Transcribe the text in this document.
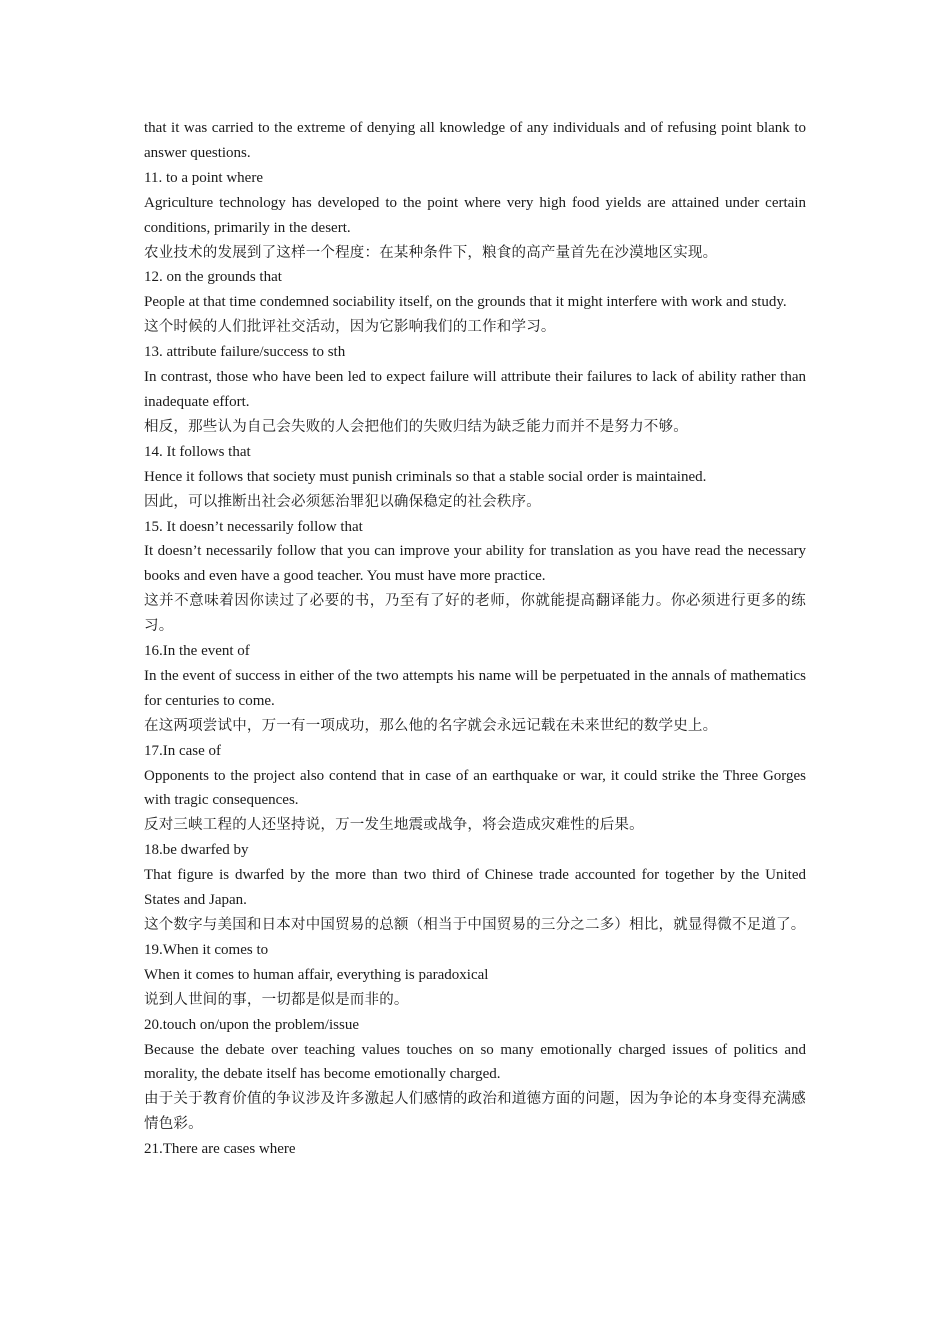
that it was carried to the extreme of denying all knowledge of any individuals and of refusing point blank to answer questions.

11. to a point where

Agriculture technology has developed to the point where very high food yields are attained under certain conditions, primarily in the desert.

农业技术的发展到了这样一个程度：在某种条件下，粮食的高产量首先在沙漠地区实现。

12. on the grounds that

People at that time condemned sociability itself, on the grounds that it might interfere with work and study.

这个时候的人们批评社交活动，因为它影响我们的工作和学习。

13. attribute failure/success to sth

In contrast, those who have been led to expect failure will attribute their failures to lack of ability rather than inadequate effort.

相反，那些认为自己会失败的人会把他们的失败归结为缺乏能力而并不是努力不够。

14. It follows that

Hence it follows that society must punish criminals so that a stable social order is maintained.

因此，可以推断出社会必须惩治罪犯以确保稳定的社会秩序。

15. It doesn’t necessarily follow that

It doesn’t necessarily follow that you can improve your ability for translation as you have read the necessary books and even have a good teacher. You must have more practice.

这并不意味着因你读过了必要的书，乃至有了好的老师，你就能提高翻译能力。你必须进行更多的练习。

16.In the event of

In the event of success in either of the two attempts his name will be perpetuated in the annals of mathematics for centuries to come.

在这两项尝试中，万一有一项成功，那么他的名字就会永远记载在未来世纪的数学史上。

17.In case of

Opponents to the project also contend that in case of an earthquake or war, it could strike the Three Gorges with tragic consequences.

反对三峡工程的人还坚持说，万一发生地震或战争，将会造成灾难性的后果。

18.be dwarfed by

That figure is dwarfed by the more than two third of Chinese trade accounted for together by the United States and Japan.

这个数字与美国和日本对中国贸易的总额（相当于中国贸易的三分之二多）相比，就显得微不足道了。

19.When it comes to

When it comes to human affair, everything is paradoxical

说到人世间的事，一切都是似是而非的。

20.touch on/upon the problem/issue

Because the debate over teaching values touches on so many emotionally charged issues of politics and morality, the debate itself has become emotionally charged.

由于关于教育价值的争议涉及许多激起人们感情的政治和道德方面的问题，因为争论的本身变得充满感情色彩。

21.There are cases where
